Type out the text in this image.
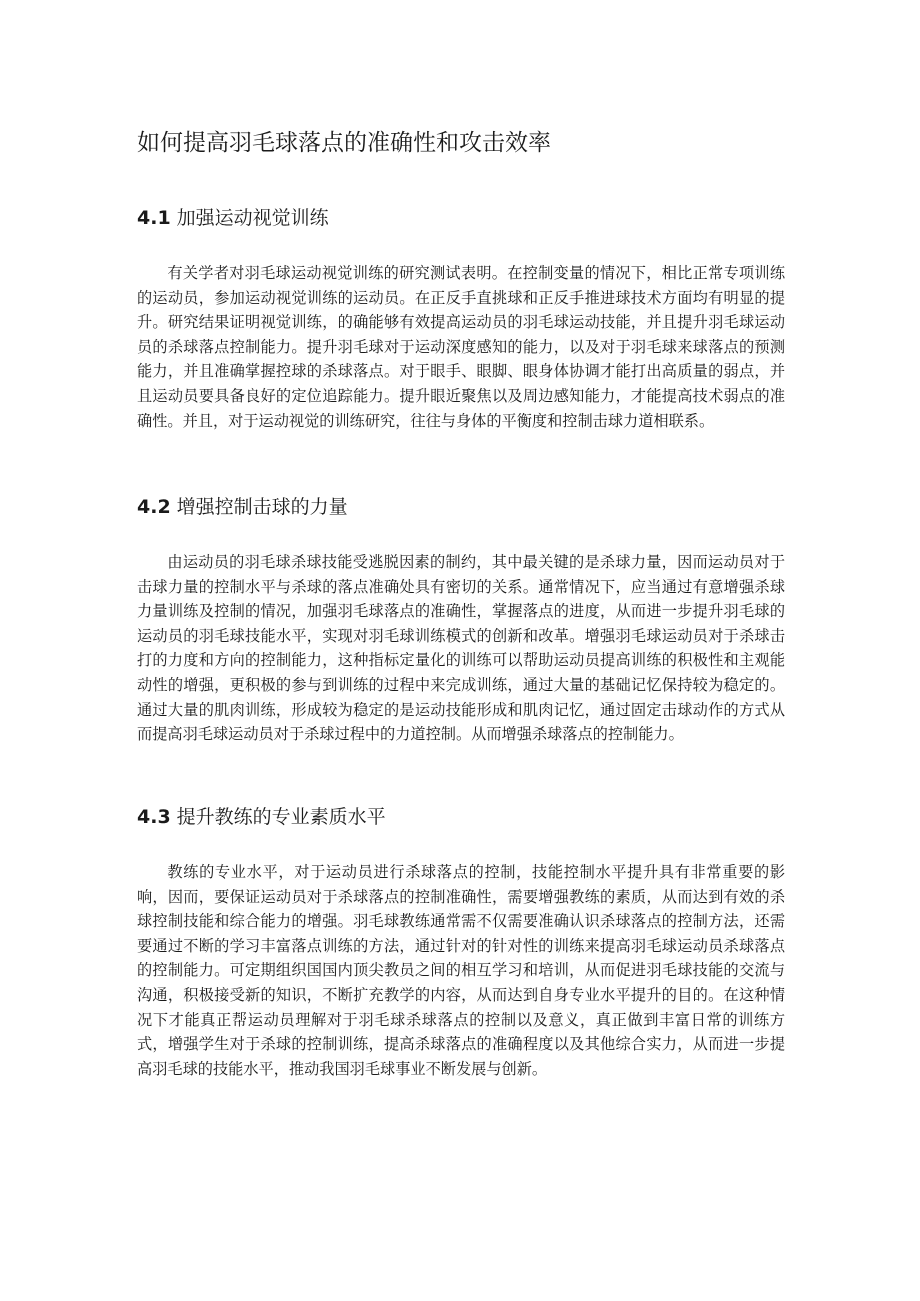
如何提高羽毛球落点的准确性和攻击效率
4.1 加强运动视觉训练

有关学者对羽毛球运动视觉训练的研究测试表明。在控制变量的情况下，相比正常专项训练的运动员，参加运动视觉训练的运动员。在正反手直挑球和正反手推进球技术方面均有明显的提升。研究结果证明视觉训练，的确能够有效提高运动员的羽毛球运动技能，并且提升羽毛球运动员的杀球落点控制能力。提升羽毛球对于运动深度感知的能力，以及对于羽毛球来球落点的预测能力，并且准确掌握控球的杀球落点。对于眼手、眼脚、眼身体协调才能打出高质量的弱点，并且运动员要具备良好的定位追踪能力。提升眼近聚焦以及周边感知能力，才能提高技术弱点的准确性。并且，对于运动视觉的训练研究，往往与身体的平衡度和控制击球力道相联系。

4.2 增强控制击球的力量

由运动员的羽毛球杀球技能受逃脱因素的制约，其中最关键的是杀球力量，因而运动员对于击球力量的控制水平与杀球的落点准确处具有密切的关系。通常情况下，应当通过有意增强杀球力量训练及控制的情况，加强羽毛球落点的准确性，掌握落点的进度，从而进一步提升羽毛球的运动员的羽毛球技能水平，实现对羽毛球训练模式的创新和改革。增强羽毛球运动员对于杀球击打的力度和方向的控制能力，这种指标定量化的训练可以帮助运动员提高训练的积极性和主观能动性的增强，更积极的参与到训练的过程中来完成训练，通过大量的基础记忆保持较为稳定的。通过大量的肌肉训练，形成较为稳定的是运动技能形成和肌肉记忆，通过固定击球动作的方式从而提高羽毛球运动员对于杀球过程中的力道控制。从而增强杀球落点的控制能力。

4.3 提升教练的专业素质水平

教练的专业水平，对于运动员进行杀球落点的控制，技能控制水平提升具有非常重要的影响，因而，要保证运动员对于杀球落点的控制准确性，需要增强教练的素质，从而达到有效的杀球控制技能和综合能力的增强。羽毛球教练通常需不仅需要准确认识杀球落点的控制方法，还需要通过不断的学习丰富落点训练的方法，通过针对的针对性的训练来提高羽毛球运动员杀球落点的控制能力。可定期组织国国内顶尖教员之间的相互学习和培训，从而促进羽毛球技能的交流与沟通，积极接受新的知识，不断扩充教学的内容，从而达到自身专业水平提升的目的。在这种情况下才能真正帮运动员理解对于羽毛球杀球落点的控制以及意义，真正做到丰富日常的训练方式，增强学生对于杀球的控制训练，提高杀球落点的准确程度以及其他综合实力，从而进一步提高羽毛球的技能水平，推动我国羽毛球事业不断发展与创新。
